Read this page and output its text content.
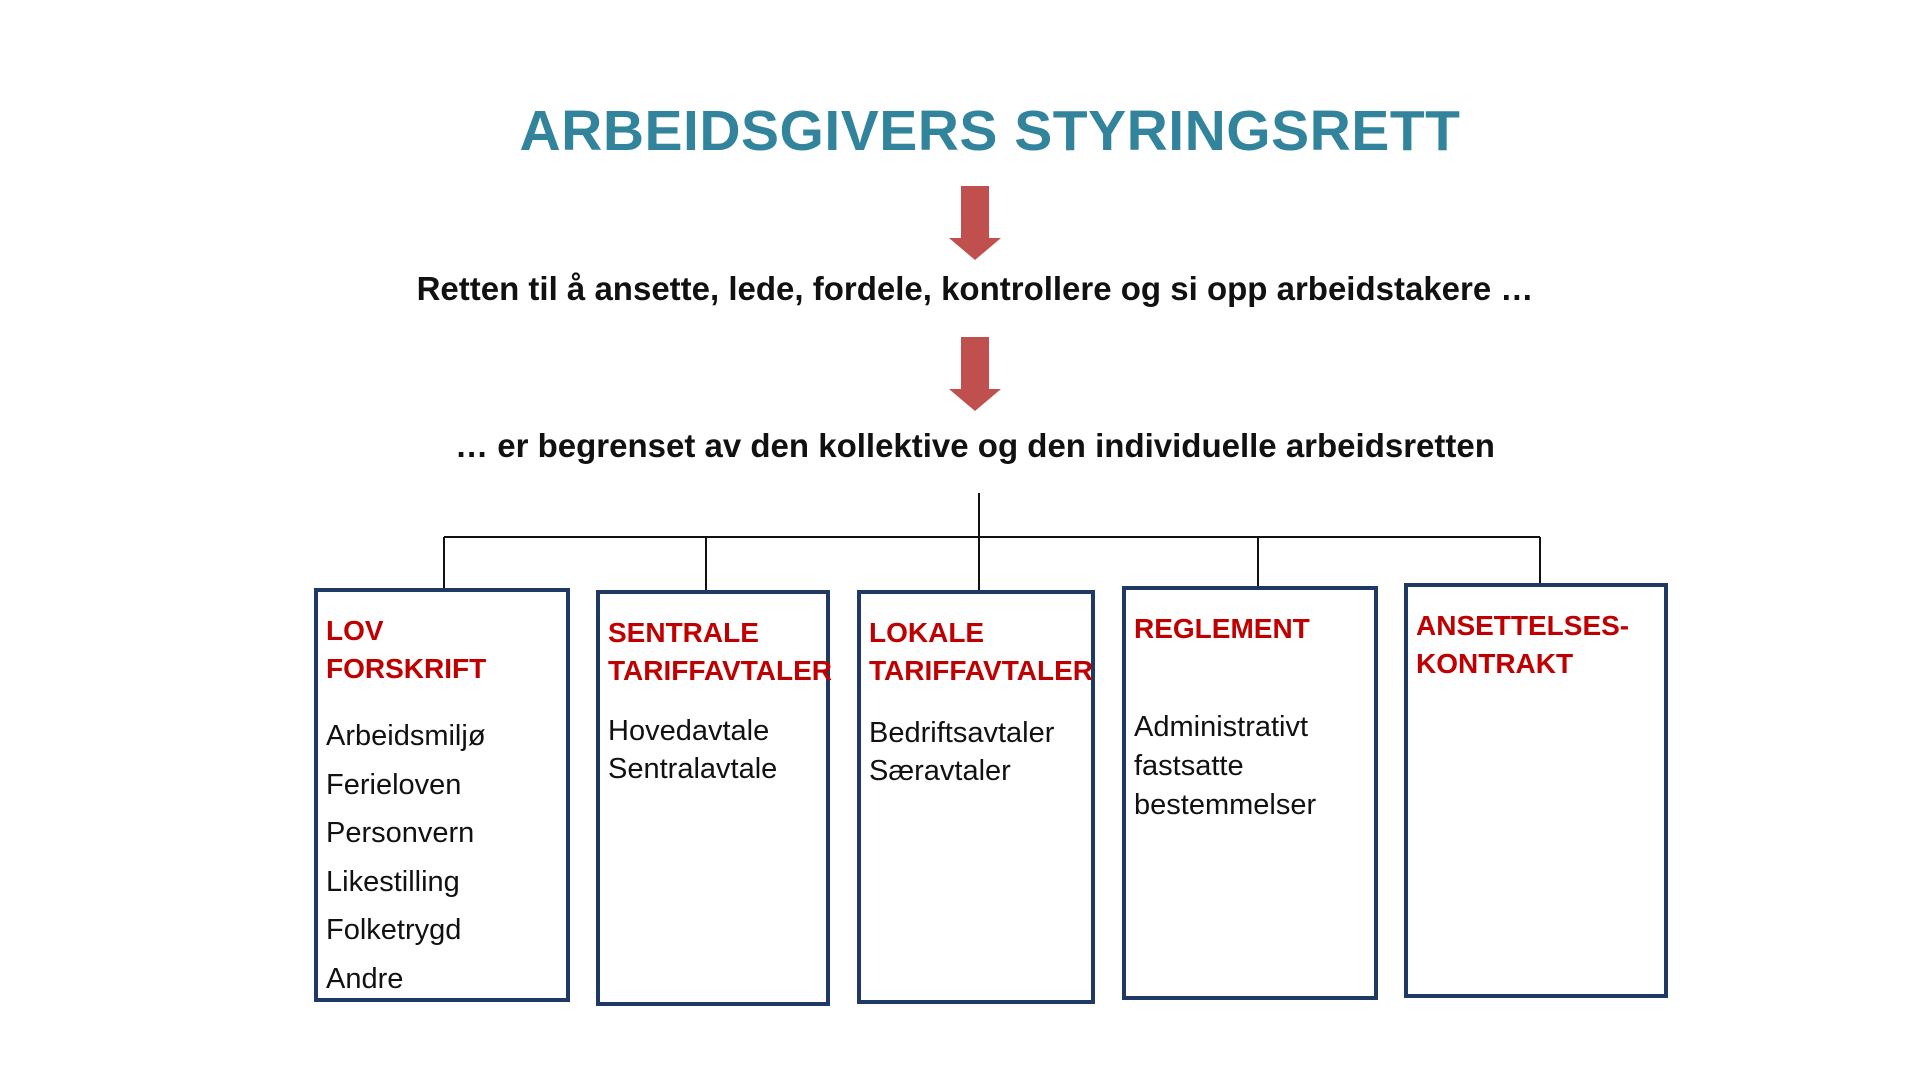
ARBEIDSGIVERS STYRINGSRETT
Retten til å ansette, lede, fordele, kontrollere og si opp arbeidstakere …
… er begrenset av den kollektive og den individuelle arbeidsretten
LOV
FORSKRIFT
Arbeidsmiljø
Ferieloven
Personvern
Likestilling
Folketrygd
Andre
SENTRALE
TARIFFAVTALER
Hovedavtale
Sentralavtale
LOKALE
TARIFFAVTALER
Bedriftsavtaler
Særavtaler
REGLEMENT
Administrativt
fastsatte
bestemmelser
ANSETTELSES-
KONTRAKT
